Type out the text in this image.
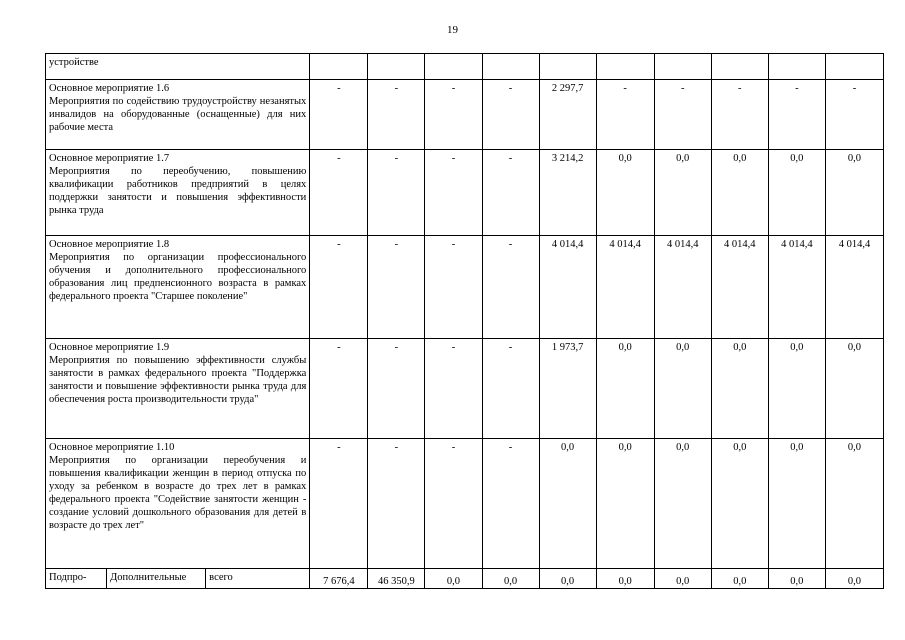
19
устройстве												

Основное мероприятие 1.6
Мероприятия по содействию трудоустройству незанятых инвалидов на оборудованные (оснащенные) для них рабочие места			-	-	-	-	2 297,7	-	-	-	-	-

Основное мероприятие 1.7
Мероприятия по переобучению, повышению квалификации работников предприятий в целях поддержки занятости и повышения эффективности рынка труда			-	-	-	-	3 214,2	0,0	0,0	0,0	0,0	0,0

Основное мероприятие 1.8
Мероприятия по организации профессионального обучения и дополнительного профессионального образования лиц предпенсионного возраста в рамках федерального проекта "Старшее поколение"			-	-	-	-	4 014,4	4 014,4	4 014,4	4 014,4	4 014,4	4 014,4

Основное мероприятие 1.9
Мероприятия по повышению эффективности службы занятости в рамках федерального проекта "Поддержка занятости и повышение эффективности рынка труда для обеспечения роста производительности труда"			-	-	-	-	1 973,7	0,0	0,0	0,0	0,0	0,0

Основное мероприятие 1.10
Мероприятия по организации переобучения и повышения квалификации женщин в период отпуска по уходу за ребенком в возрасте до трех лет в рамках федерального проекта "Содействие занятости женщин - создание условий дошкольного образования для детей в возрасте до трех лет"			-	-	-	-	0,0	0,0	0,0	0,0	0,0	0,0
Подпро-	Дополнительные	всего	7 676,4	46 350,9	0,0	0,0	0,0	0,0	0,0	0,0	0,0	0,0
